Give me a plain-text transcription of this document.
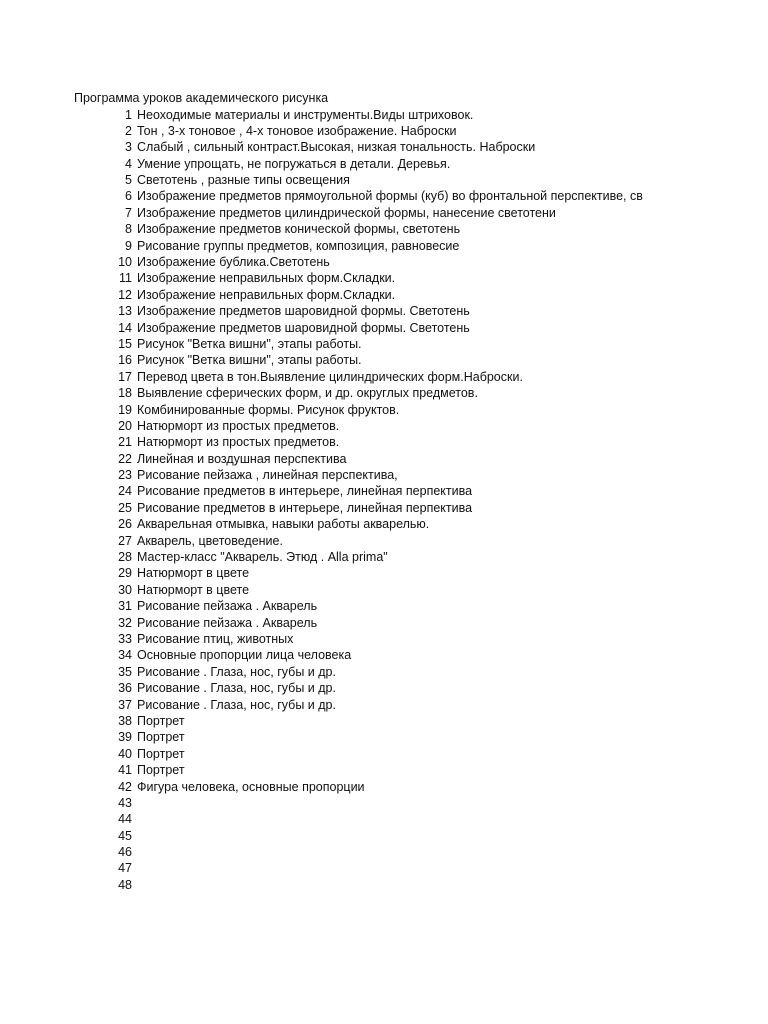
Программа уроков академического рисунка
1 Неоходимые материалы и инструменты.Виды штриховок.
2 Тон , 3-х тоновое , 4-х тоновое изображение. Наброски
3 Слабый , сильный контраст.Высокая, низкая тональность. Наброски
4 Умение упрощать, не погружаться в детали. Деревья.
5 Светотень , разные типы освещения
6 Изображение предметов прямоугольной формы (куб) во фронтальной перспективе, св
7 Изображение предметов цилиндрической формы, нанесение светотени
8 Изображение предметов конической формы, светотень
9 Рисование группы предметов, композиция, равновесие
10 Изображение бублика.Светотень
11 Изображение неправильных форм.Складки.
12 Изображение неправильных форм.Складки.
13 Изображение предметов шаровидной формы. Светотень
14 Изображение предметов шаровидной формы. Светотень
15 Рисунок "Ветка вишни", этапы работы.
16 Рисунок "Ветка вишни", этапы работы.
17 Перевод цвета в тон.Выявление цилиндрических форм.Наброски.
18 Выявление сферических форм, и др. округлых предметов.
19 Комбинированные формы. Рисунок фруктов.
20 Натюрморт из простых предметов.
21 Натюрморт из простых предметов.
22 Линейная и воздушная перспектива
23 Рисование пейзажа , линейная перспектива,
24 Рисование предметов в интерьере, линейная перпектива
25 Рисование предметов в интерьере, линейная перпектива
26 Акварельная отмывка, навыки работы акварелью.
27 Акварель, цветоведение.
28 Мастер-класс "Акварель. Этюд . Alla prima"
29 Натюрморт в цвете
30 Натюрморт в цвете
31 Рисование пейзажа . Акварель
32 Рисование пейзажа . Акварель
33 Рисование птиц, животных
34 Основные пропорции лица человека
35 Рисование . Глаза, нос, губы и др.
36 Рисование . Глаза, нос, губы и др.
37 Рисование . Глаза, нос, губы и др.
38 Портрет
39 Портрет
40 Портрет
41 Портрет
42 Фигура человека, основные пропорции
43
44
45
46
47
48
